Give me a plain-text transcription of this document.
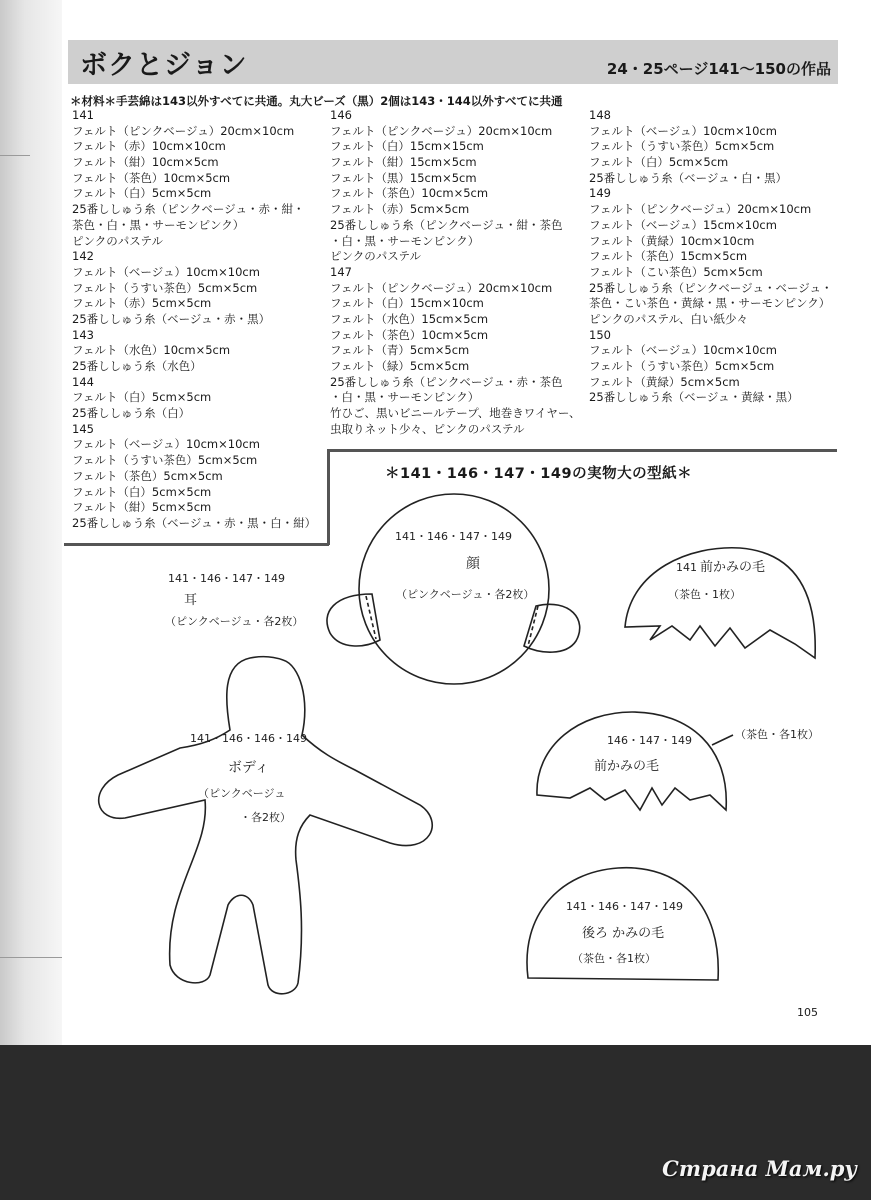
ボクとジョン	24・25ページ141〜150の作品
＊材料＊手芸綿は143以外すべてに共通。丸大ビーズ（黒）2個は143・144以外すべてに共通
141
フェルト（ピンクベージュ）20cm×10cm
フェルト（赤）10cm×10cm
フェルト（紺）10cm×5cm
フェルト（茶色）10cm×5cm
フェルト（白）5cm×5cm
25番ししゅう糸（ピンクベージュ・赤・紺・
茶色・白・黒・サーモンピンク）
ピンクのパステル
142
フェルト（ベージュ）10cm×10cm
フェルト（うすい茶色）5cm×5cm
フェルト（赤）5cm×5cm
25番ししゅう糸（ベージュ・赤・黒）
143
フェルト（水色）10cm×5cm
25番ししゅう糸（水色）
144
フェルト（白）5cm×5cm
25番ししゅう糸（白）
145
フェルト（ベージュ）10cm×10cm
フェルト（うすい茶色）5cm×5cm
フェルト（茶色）5cm×5cm
フェルト（白）5cm×5cm
フェルト（紺）5cm×5cm
25番ししゅう糸（ベージュ・赤・黒・白・紺）
146
フェルト（ピンクベージュ）20cm×10cm
フェルト（白）15cm×15cm
フェルト（紺）15cm×5cm
フェルト（黒）15cm×5cm
フェルト（茶色）10cm×5cm
フェルト（赤）5cm×5cm
25番ししゅう糸（ピンクベージュ・紺・茶色
・白・黒・サーモンピンク）
ピンクのパステル
147
フェルト（ピンクベージュ）20cm×10cm
フェルト（白）15cm×10cm
フェルト（水色）15cm×5cm
フェルト（茶色）10cm×5cm
フェルト（青）5cm×5cm
フェルト（緑）5cm×5cm
25番ししゅう糸（ピンクベージュ・赤・茶色
・白・黒・サーモンピンク）
竹ひご、黒いビニールテープ、地巻きワイヤー、
虫取りネット少々、ピンクのパステル
148
フェルト（ベージュ）10cm×10cm
フェルト（うすい茶色）5cm×5cm
フェルト（白）5cm×5cm
25番ししゅう糸（ベージュ・白・黒）
149
フェルト（ピンクベージュ）20cm×10cm
フェルト（ベージュ）15cm×10cm
フェルト（黄緑）10cm×10cm
フェルト（茶色）15cm×5cm
フェルト（こい茶色）5cm×5cm
25番ししゅう糸（ピンクベージュ・ベージュ・
茶色・こい茶色・黄緑・黒・サーモンピンク）
ピンクのパステル、白い紙少々
150
フェルト（ベージュ）10cm×10cm
フェルト（うすい茶色）5cm×5cm
フェルト（黄緑）5cm×5cm
25番ししゅう糸（ベージュ・黄緑・黒）
＊141・146・147・149の実物大の型紙＊
141・146・147・149
顔
（ピンクベージュ・各2枚）
141・146・147・149
耳
（ピンクベージュ・各2枚）
141 前かみの毛
（茶色・1枚）
146・147・149
前かみの毛
（茶色・各1枚）
141・146・146・149
ボディ
（ピンクベージュ
・各2枚）
141・146・147・149
後ろ かみの毛
（茶色・各1枚）
105
Страна Мам.ру
